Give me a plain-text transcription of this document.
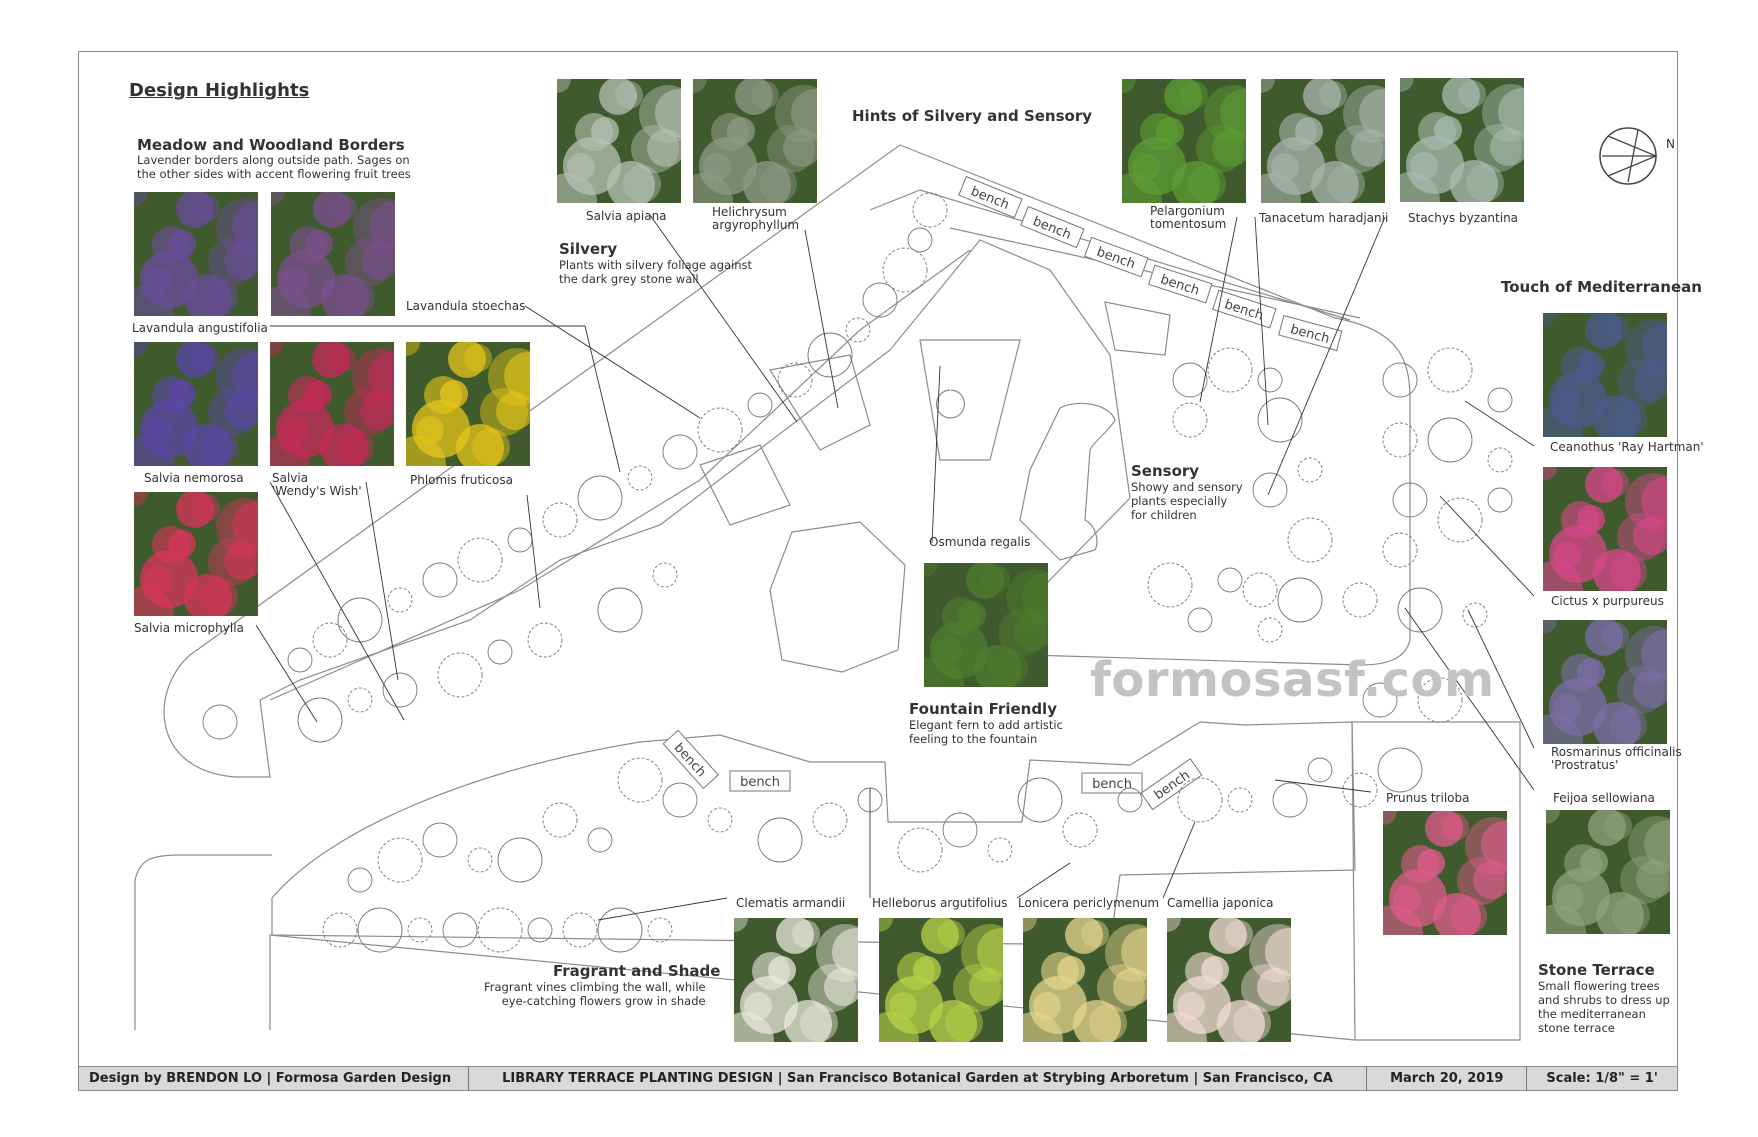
bench
bench
bench
bench
bench
bench
bench
bench	bench
bench
Lavandula angustifolia
Lavandula stoechas
Salvia nemorosa Salvia
'Wendy's Wish'
Phlomis fruticosa
Salvia microphylla
Salvia apiana	Helichrysum
argyrophyllum
Pelargonium
tomentosum	Tanacetum haradjanii Stachys byzantina
Ceanothus 'Ray Hartman'
Cictus x purpureus
Rosmarinus officinalis
'Prostratus'
Feijoa sellowiana
Prunus triloba
Osmunda regalis
Clematis armandii Helleborus argutifolius Lonicera periclymenum Camellia japonica
Design Highlights
Hints of Silvery and Sensory
Touch of Mediterranean
Meadow and Woodland Borders
Lavender borders along outside path. Sages on
the other sides with accent flowering fruit trees
Silvery
Plants with silvery foliage against
the dark grey stone wall
Sensory
Showy and sensory
plants especially
for children
Fountain Friendly
Elegant fern to add artistic
feeling to the fountain
Fragrant and Shade
Fragrant vines climbing the wall, while
eye-catching flowers grow in shade
Stone Terrace
Small flowering trees
and shrubs to dress up
the mediterranean
stone terrace
formosasf.com
N
Design by BRENDON LO | Formosa Garden Design	LIBRARY TERRACE PLANTING DESIGN | San Francisco Botanical Garden at Strybing Arboretum | San Francisco, CA	March 20, 2019	Scale: 1/8" = 1'
